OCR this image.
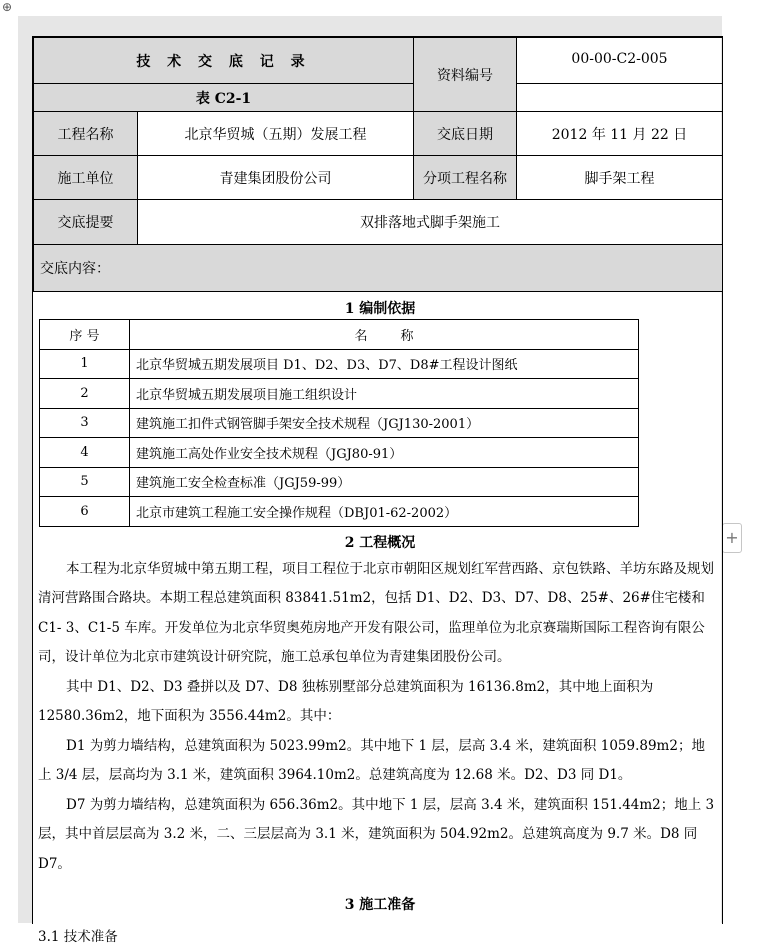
⊕
+
技 术 交 底 记 录		资料编号	00-00-C2-005
表 C2-1			
工程名称	北京华贸城（五期）发展工程	交底日期	2012 年 11 月 22 日
施工单位	青建集团股份公司	分项工程名称	脚手架工程
交底提要	双排落地式脚手架施工		
交底内容：			
1 编制依据
序 号	名        称
1	北京华贸城五期发展项目 D1、D2、D3、D7、D8#工程设计图纸
2	北京华贸城五期发展项目施工组织设计
3	建筑施工扣件式钢管脚手架安全技术规程（JGJ130-2001）
4	建筑施工高处作业安全技术规程（JGJ80-91）
5	建筑施工安全检查标准（JGJ59-99）
6	北京市建筑工程施工安全操作规程（DBJ01-62-2002）
2 工程概况

本工程为北京华贸城中第五期工程，项目工程位于北京市朝阳区规划红军营西路、京包铁路、羊坊东路及规划清河营路围合路块。本期工程总建筑面积 83841.51m2，包括 D1、D2、D3、D7、D8、25#、26#住宅楼和 C1- 3、C1-5 车库。开发单位为北京华贸奥苑房地产开发有限公司，监理单位为北京赛瑞斯国际工程咨询有限公司，设计单位为北京市建筑设计研究院，施工总承包单位为青建集团股份公司。

其中 D1、D2、D3 叠拼以及 D7、D8 独栋别墅部分总建筑面积为 16136.8m2，其中地上面积为 12580.36m2，地下面积为 3556.44m2。其中：

D1 为剪力墙结构，总建筑面积为 5023.99m2。其中地下 1 层，层高 3.4 米，建筑面积 1059.89m2；地上 3/4 层，层高均为 3.1 米，建筑面积 3964.10m2。总建筑高度为 12.68 米。D2、D3 同 D1。

D7 为剪力墙结构，总建筑面积为 656.36m2。其中地下 1 层，层高 3.4 米，建筑面积 151.44m2；地上 3 层，其中首层层高为 3.2 米，二、三层层高为 3.1 米，建筑面积为 504.92m2。总建筑高度为 9.7 米。D8 同 D7。

3 施工准备

3.1 技术准备
